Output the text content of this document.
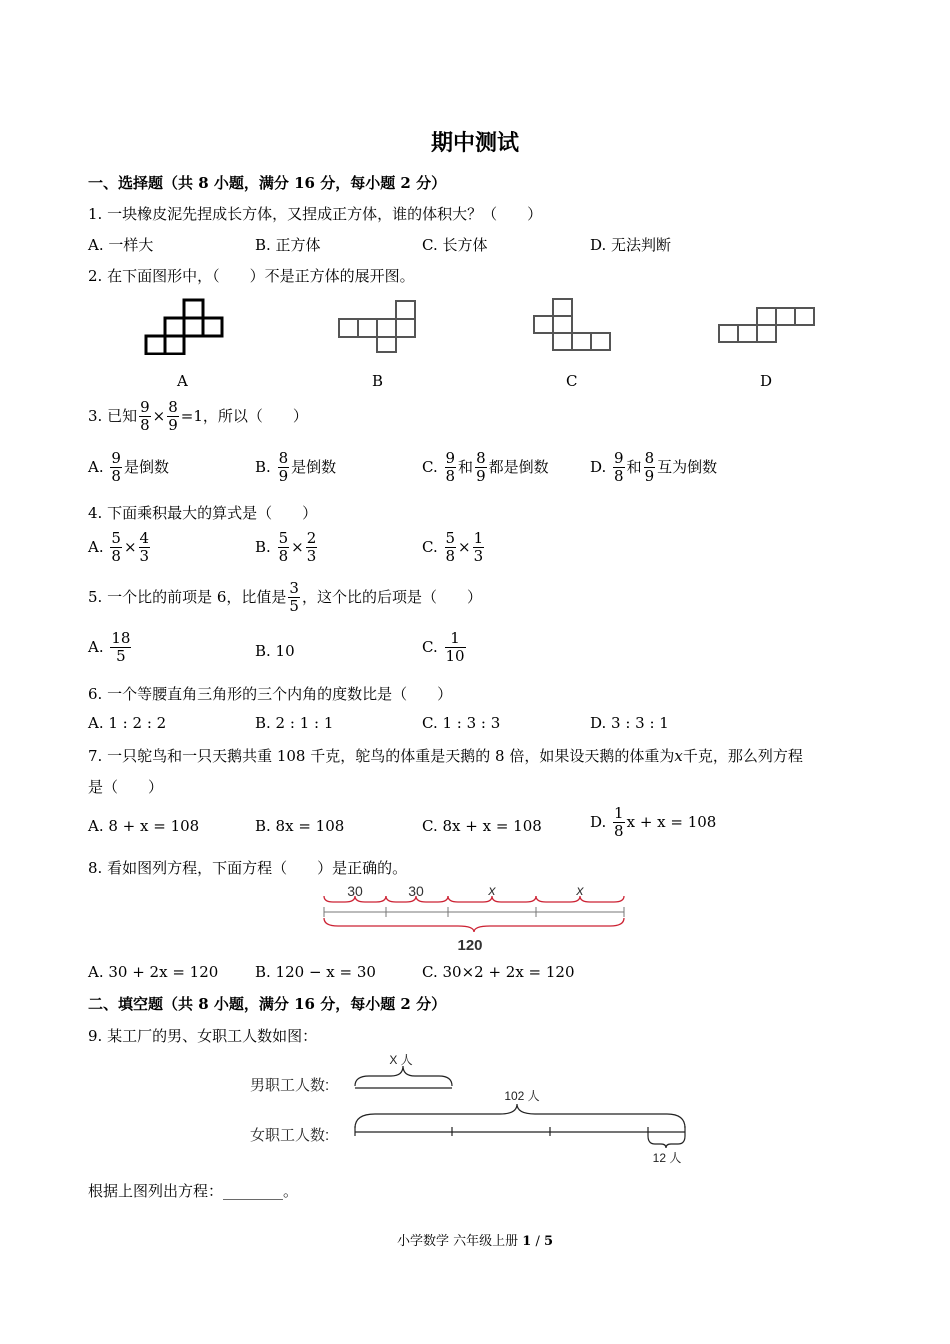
期中测试
一、选择题（共 8 小题，满分 16 分，每小题 2 分）
1. 一块橡皮泥先捏成长方体，又捏成正方体，谁的体积大？（　　）
A. 一样大	B. 正方体	C. 长方体	D. 无法判断
2. 在下面图形中，（　　）不是正方体的展开图。
A	B	C	D
3. 已知 $\frac{9}{8} \times \frac{8}{9} =1$，所以（　　）
A. $\frac{9}{8}$ 是倒数	B. $\frac{8}{9}$ 是倒数	C. $\frac{9}{8}$ 和 $\frac{8}{9}$ 都是倒数	D. $\frac{9}{8}$ 和 $\frac{8}{9}$ 互为倒数
4. 下面乘积最大的算式是（　　）
A. $\frac{5}{8} \times \frac{4}{3}$	B. $\frac{5}{8} \times \frac{2}{3}$	C. $\frac{5}{8} \times \frac{1}{3}$
5. 一个比的前项是 6，比值是 $\frac{3}{5}$ ，这个比的后项是（　　）
A. $\frac{18}{5}$	B. 10	C. $\frac{1}{10}$
6. 一个等腰直角三角形的三个内角的度数比是（　　）
A. 1 : 2 : 2	B. 2 : 1 : 1	C. 1 : 3 : 3	D. 3 : 3 : 1
7. 一只鸵鸟和一只天鹅共重 108 千克，鸵鸟的体重是天鹅的 8 倍，如果设天鹅的体重为x千克，那么列方程
是（　　）
A. 8 + x = 108	B. 8x = 108	C. 8x + x = 108	D. $\frac{1}{8}$ x + x = 108
8. 看如图列方程，下面方程（　　）是正确的。
30	30	x	x
120
A. 30 + 2x = 120 B. 120 − x = 30	C. 30×2 + 2x = 120
二、填空题（共 8 小题，满分 16 分，每小题 2 分）
9. 某工厂的男、女职工人数如图：
男职工人数:
女职工人数:
X 人
102 人
12 人
根据上图列出方程：________。
小学数学 六年级上册 1 / 5
